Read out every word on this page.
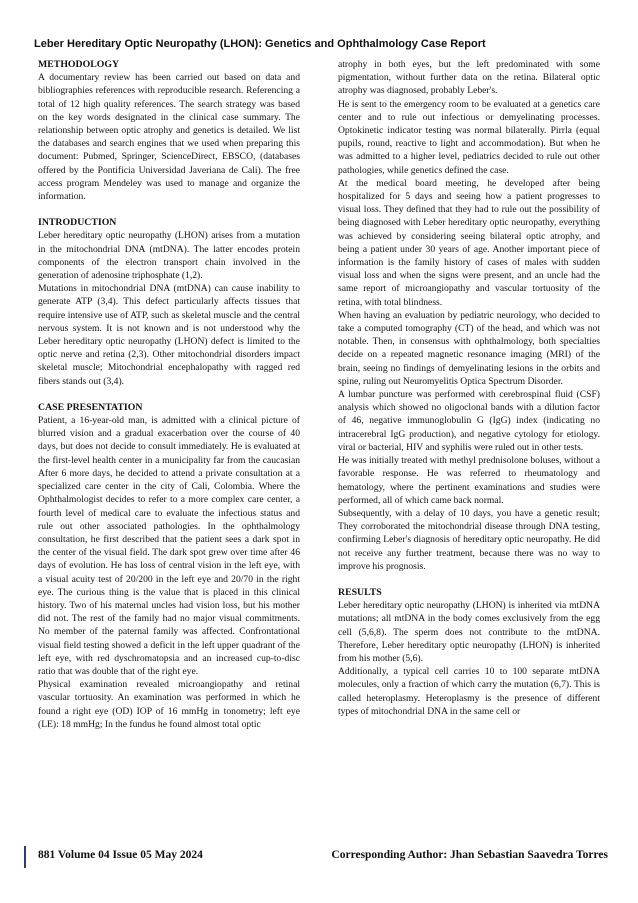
Leber Hereditary Optic Neuropathy (LHON): Genetics and Ophthalmology Case Report
METHODOLOGY

A documentary review has been carried out based on data and bibliographies references with reproducible research. Referencing a total of 12 high quality references. The search strategy was based on the key words designated in the clinical case summary. The relationship between optic atrophy and genetics is detailed. We list the databases and search engines that we used when preparing this document: Pubmed, Springer, ScienceDirect, EBSCO, (databases offered by the Pontificia Universidad Javeriana de Cali). The free access program Mendeley was used to manage and organize the information.

INTRODUCTION

Leber hereditary optic neuropathy (LHON) arises from a mutation in the mitochondrial DNA (mtDNA). The latter encodes protein components of the electron transport chain involved in the generation of adenosine triphosphate (1,2).

Mutations in mitochondrial DNA (mtDNA) can cause inability to generate ATP (3,4). This defect particularly affects tissues that require intensive use of ATP, such as skeletal muscle and the central nervous system. It is not known and is not understood why the Leber hereditary optic neuropathy (LHON) defect is limited to the optic nerve and retina (2,3). Other mitochondrial disorders impact skeletal muscle; Mitochondrial encephalopathy with ragged red fibers stands out (3,4).

CASE PRESENTATION

Patient, a 16-year-old man, is admitted with a clinical picture of blurred vision and a gradual exacerbation over the course of 40 days, but does not decide to consult immediately. He is evaluated at the first-level health center in a municipality far from the caucasian After 6 more days, he decided to attend a private consultation at a specialized care center in the city of Cali, Colombia. Where the Ophthalmologist decides to refer to a more complex care center, a fourth level of medical care to evaluate the infectious status and rule out other associated pathologies. In the ophthalmology consultation, he first described that the patient sees a dark spot in the center of the visual field. The dark spot grew over time after 46 days of evolution. He has loss of central vision in the left eye, with a visual acuity test of 20/200 in the left eye and 20/70 in the right eye. The curious thing is the value that is placed in this clinical history. Two of his maternal uncles had vision loss, but his mother did not. The rest of the family had no major visual commitments. No member of the paternal family was affected. Confrontational visual field testing showed a deficit in the left upper quadrant of the left eye, with red dyschromatopsia and an increased cup-to-disc ratio that was double that of the right eye.

Physical examination revealed microangiopathy and retinal vascular tortuosity. An examination was performed in which he found a right eye (OD) IOP of 16 mmHg in tonometry; left eye (LE): 18 mmHg; In the fundus he found almost total optic

atrophy in both eyes, but the left predominated with some pigmentation, without further data on the retina. Bilateral optic atrophy was diagnosed, probably Leber's.

He is sent to the emergency room to be evaluated at a genetics care center and to rule out infectious or demyelinating processes. Optokinetic indicator testing was normal bilaterally. Pirrla (equal pupils, round, reactive to light and accommodation). But when he was admitted to a higher level, pediatrics decided to rule out other pathologies, while genetics defined the case.

At the medical board meeting, he developed after being hospitalized for 5 days and seeing how a patient progresses to visual loss. They defined that they had to rule out the possibility of being diagnosed with Leber hereditary optic neuropathy, everything was achieved by considering seeing bilateral optic atrophy, and being a patient under 30 years of age. Another important piece of information is the family history of cases of males with sudden visual loss and when the signs were present, and an uncle had the same report of microangiopathy and vascular tortuosity of the retina, with total blindness.

When having an evaluation by pediatric neurology, who decided to take a computed tomography (CT) of the head, and which was not notable. Then, in consensus with ophthalmology, both specialties decide on a repeated magnetic resonance imaging (MRI) of the brain, seeing no findings of demyelinating lesions in the orbits and spine, ruling out Neuromyelitis Optica Spectrum Disorder.

A lumbar puncture was performed with cerebrospinal fluid (CSF) analysis which showed no oligoclonal bands with a dilution factor of 46, negative immunoglobulin G (IgG) index (indicating no intracerebral IgG production), and negative cytology for etiology. viral or bacterial, HIV and syphilis were ruled out in other tests.

He was initially treated with methyl prednisolone boluses, without a favorable response. He was referred to rheumatology and hematology, where the pertinent examinations and studies were performed, all of which came back normal.

Subsequently, with a delay of 10 days, you have a genetic result; They corroborated the mitochondrial disease through DNA testing, confirming Leber's diagnosis of hereditary optic neuropathy. He did not receive any further treatment, because there was no way to improve his prognosis.

RESULTS

Leber hereditary optic neuropathy (LHON) is inherited via mtDNA mutations; all mtDNA in the body comes exclusively from the egg cell (5,6,8). The sperm does not contribute to the mtDNA. Therefore, Leber hereditary optic neuropathy (LHON) is inherited from his mother (5,6).

Additionally, a typical cell carries 10 to 100 separate mtDNA molecules, only a fraction of which carry the mutation (6,7). This is called heteroplasmy. Heteroplasmy is the presence of different types of mitochondrial DNA in the same cell or

881 Volume 04 Issue 05 May 2024	Corresponding Author: Jhan Sebastian Saavedra Torres
